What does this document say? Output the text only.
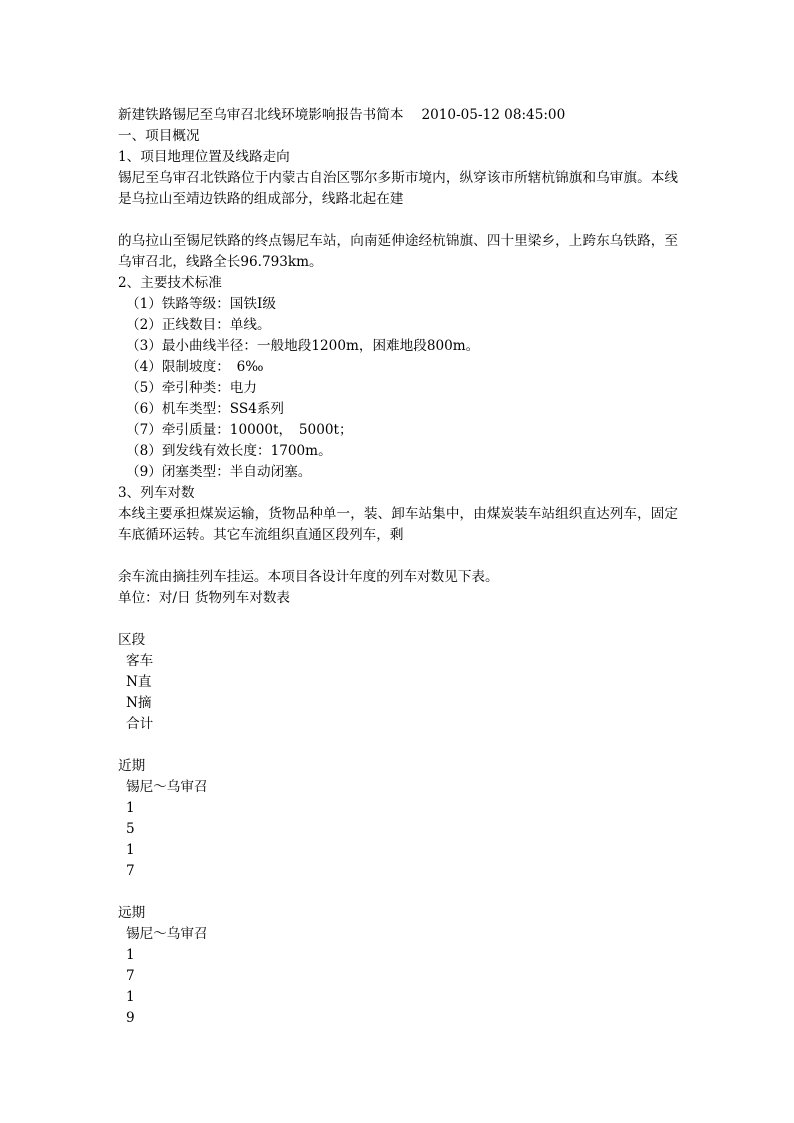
新建铁路锡尼至乌审召北线环境影响报告书简本 2010-05-12 08:45:00
一、项目概况
1、项目地理位置及线路走向
锡尼至乌审召北铁路位于内蒙古自治区鄂尔多斯市境内，纵穿该市所辖杭锦旗和乌审旗。本线是乌拉山至靖边铁路的组成部分，线路北起在建
的乌拉山至锡尼铁路的终点锡尼车站，向南延伸途经杭锦旗、四十里梁乡，上跨东乌铁路，至乌审召北，线路全长96.793km。
2、主要技术标准
（1）铁路等级：国铁Ⅰ级
（2）正线数目：单线。
（3）最小曲线半径：一般地段1200m，困难地段800m。
（4）限制坡度：　6‰
（5）牵引种类：电力
（6）机车类型：SS4系列
（7）牵引质量：10000t，　5000t；
（8）到发线有效长度：1700m。
（9）闭塞类型：半自动闭塞。
3、列车对数
本线主要承担煤炭运输，货物品种单一，装、卸车站集中，由煤炭装车站组织直达列车，固定车底循环运转。其它车流组织直通区段列车，剩
余车流由摘挂列车挂运。本项目各设计年度的列车对数见下表。
单位：对/日 货物列车对数表
区段
客车
N直
N摘
合计
近期
锡尼～乌审召
1
5
1
7
远期
锡尼～乌审召
1
7
1
9
